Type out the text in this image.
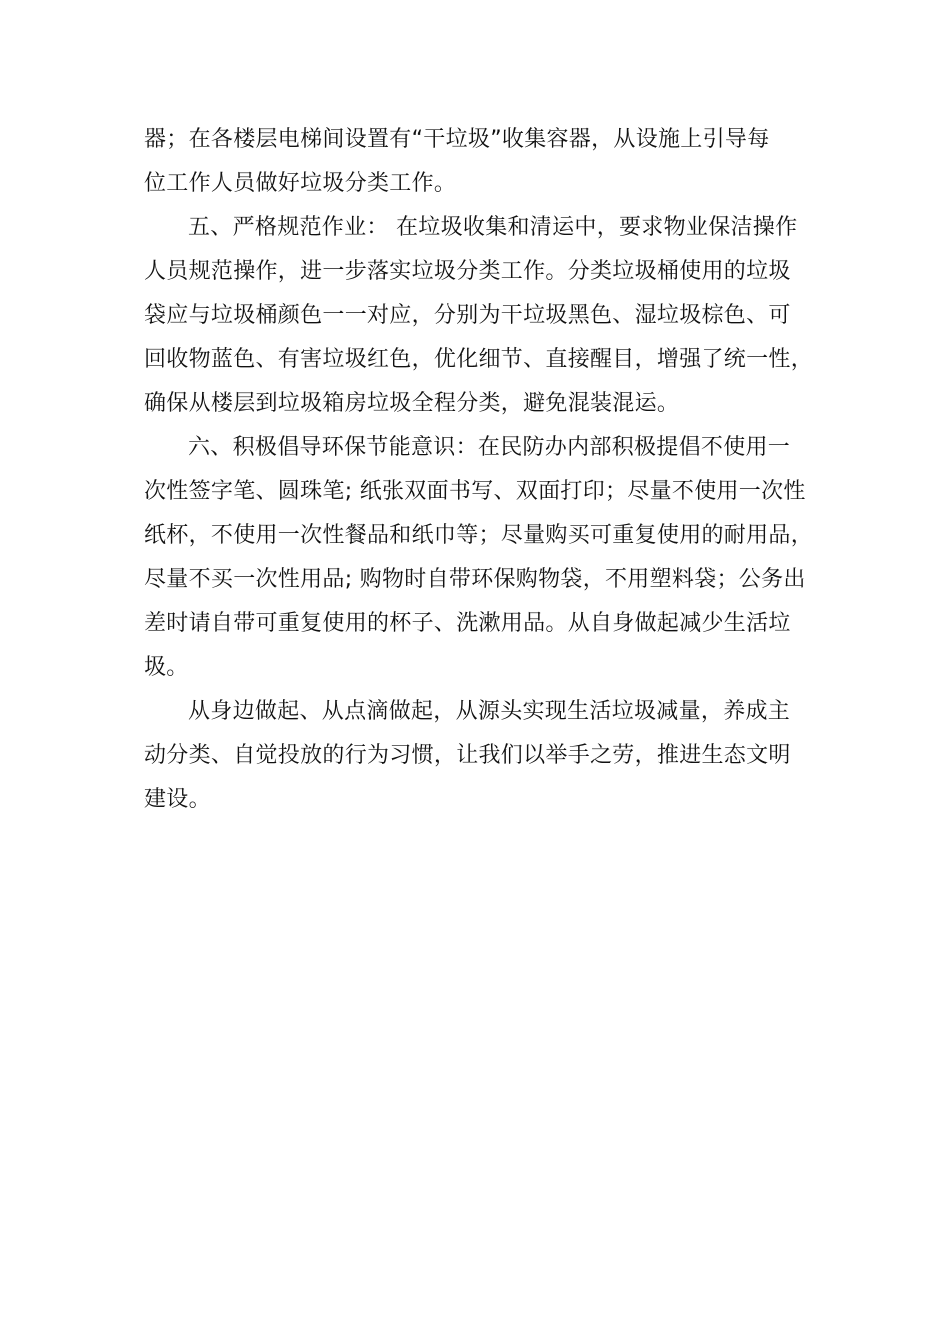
器；在各楼层电梯间设置有“干垃圾”收集容器，从设施上引导每
位工作人员做好垃圾分类工作。
五、严格规范作业： 在垃圾收集和清运中，要求物业保洁操作
人员规范操作，进一步落实垃圾分类工作。分类垃圾桶使用的垃圾
袋应与垃圾桶颜色一一对应，分别为干垃圾黑色、湿垃圾棕色、可
回收物蓝色、有害垃圾红色，优化细节、直接醒目，增强了统一性，
确保从楼层到垃圾箱房垃圾全程分类，避免混装混运。
六、积极倡导环保节能意识：在民防办内部积极提倡不使用一
次性签字笔、圆珠笔; 纸张双面书写、双面打印；尽量不使用一次性
纸杯，不使用一次性餐品和纸巾等；尽量购买可重复使用的耐用品，
尽量不买一次性用品; 购物时自带环保购物袋，不用塑料袋；公务出
差时请自带可重复使用的杯子、洗漱用品。从自身做起减少生活垃
圾。
从身边做起、从点滴做起，从源头实现生活垃圾减量，养成主
动分类、自觉投放的行为习惯，让我们以举手之劳，推进生态文明
建设。
